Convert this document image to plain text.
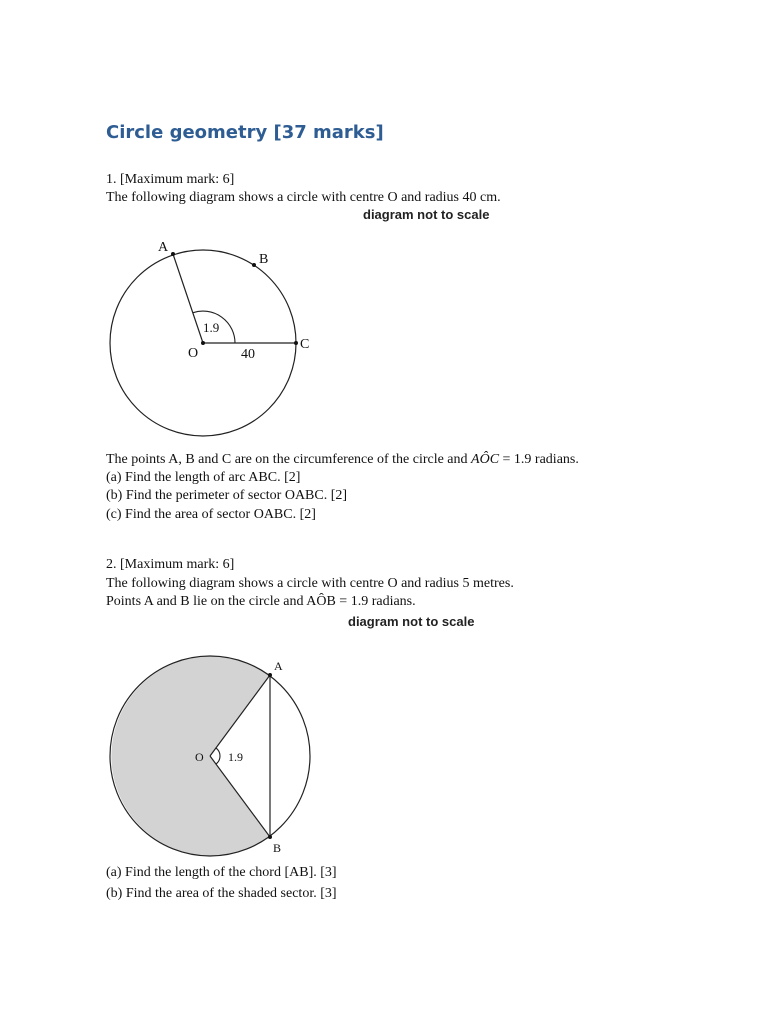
Circle geometry [37 marks]
1. [Maximum mark: 6]
The following diagram shows a circle with centre O and radius 40 cm.
diagram not to scale
A
B
C
O
1.9
40
The points A, B and C are on the circumference of the circle and AÔC = 1.9 radians.
(a) Find the length of arc ABC. [2]
(b) Find the perimeter of sector OABC. [2]
(c) Find the area of sector OABC. [2]
2. [Maximum mark: 6]
The following diagram shows a circle with centre O and radius 5 metres.
Points A and B lie on the circle and AÔB = 1.9 radians.
diagram not to scale
A
B
O 1.9
(a) Find the length of the chord [AB]. [3]
(b) Find the area of the shaded sector. [3]
